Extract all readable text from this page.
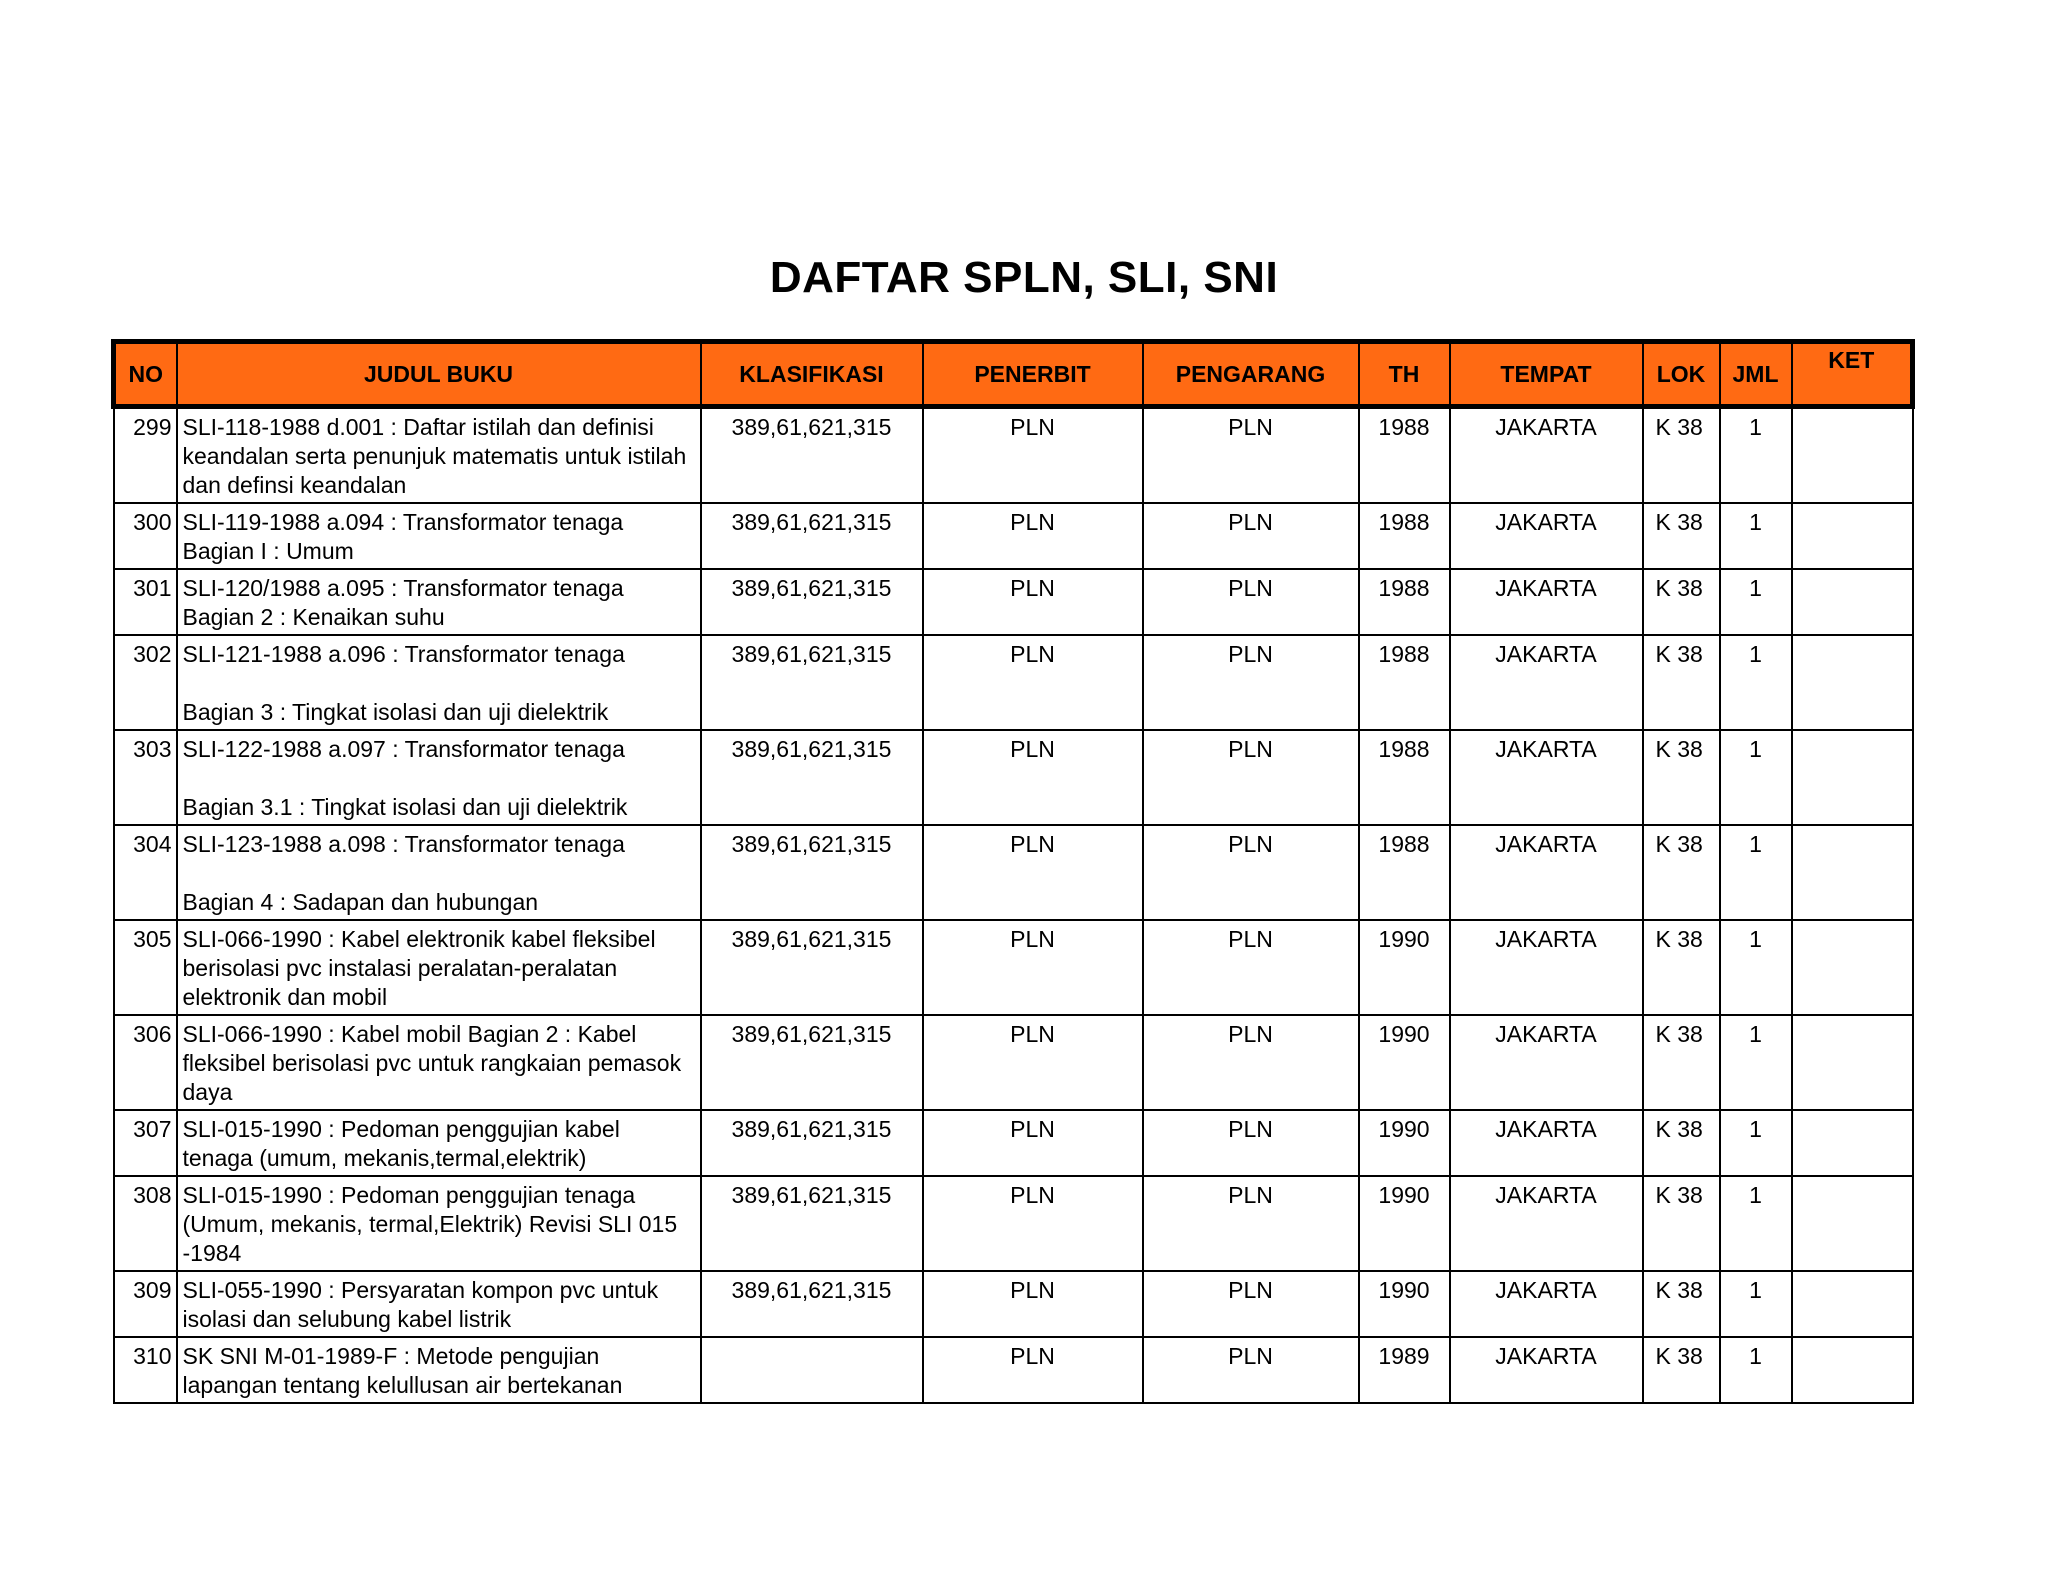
DAFTAR SPLN, SLI, SNI
NO	JUDUL BUKU	KLASIFIKASI	PENERBIT	PENGARANG	TH	TEMPAT	LOK	JML	KET
299	SLI-118-1988 d.001 : Daftar istilah dan definisi keandalan serta penunjuk matematis untuk istilah dan definsi keandalan	389,61,621,315	PLN	PLN	1988	JAKARTA	K 38	1	
300	SLI-119-1988 a.094 : Transformator tenaga
Bagian I : Umum	389,61,621,315	PLN	PLN	1988	JAKARTA	K 38	1	
301	SLI-120/1988 a.095 : Transformator tenaga
Bagian 2 : Kenaikan suhu	389,61,621,315	PLN	PLN	1988	JAKARTA	K 38	1	
302	SLI-121-1988 a.096 : Transformator tenaga

Bagian 3 : Tingkat isolasi dan uji dielektrik	389,61,621,315	PLN	PLN	1988	JAKARTA	K 38	1	
303	SLI-122-1988 a.097 : Transformator tenaga

Bagian 3.1 : Tingkat isolasi dan uji dielektrik	389,61,621,315	PLN	PLN	1988	JAKARTA	K 38	1	
304	SLI-123-1988 a.098 : Transformator tenaga

Bagian 4 : Sadapan dan hubungan	389,61,621,315	PLN	PLN	1988	JAKARTA	K 38	1	
305	SLI-066-1990 : Kabel elektronik kabel fleksibel berisolasi pvc instalasi peralatan-peralatan elektronik dan mobil	389,61,621,315	PLN	PLN	1990	JAKARTA	K 38	1	
306	SLI-066-1990 : Kabel mobil Bagian 2 : Kabel fleksibel berisolasi pvc untuk rangkaian pemasok daya	389,61,621,315	PLN	PLN	1990	JAKARTA	K 38	1	
307	SLI-015-1990 : Pedoman penggujian kabel tenaga (umum, mekanis,termal,elektrik)	389,61,621,315	PLN	PLN	1990	JAKARTA	K 38	1	
308	SLI-015-1990 : Pedoman penggujian tenaga (Umum, mekanis, termal,Elektrik) Revisi SLI 015 -1984	389,61,621,315	PLN	PLN	1990	JAKARTA	K 38	1	
309	SLI-055-1990 : Persyaratan kompon pvc untuk isolasi dan selubung kabel listrik	389,61,621,315	PLN	PLN	1990	JAKARTA	K 38	1	
310	SK SNI M-01-1989-F : Metode pengujian lapangan tentang kelullusan air bertekanan		PLN	PLN	1989	JAKARTA	K 38	1	
